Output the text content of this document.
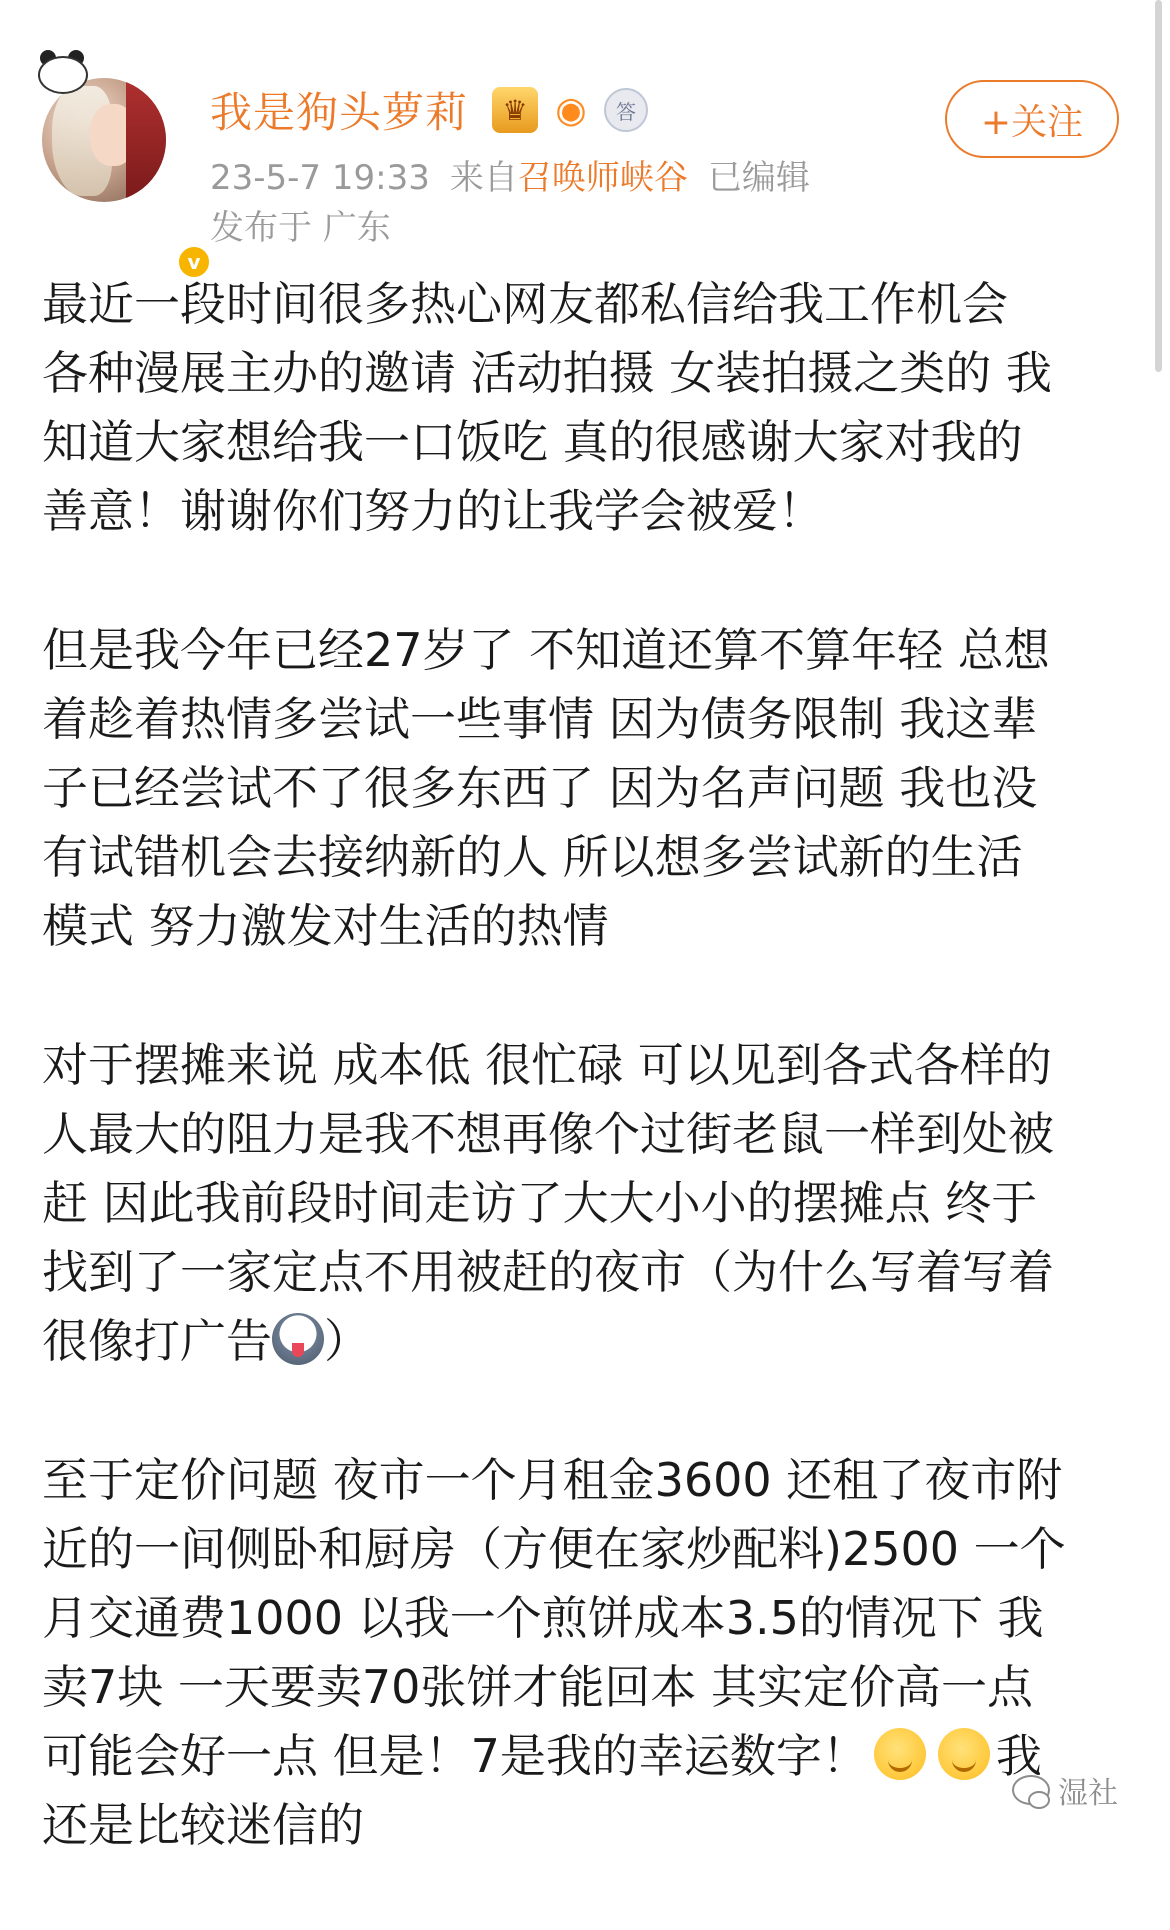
v
我是狗头萝莉	♛ ◉	答
23-5-7 19:33 来自召唤师峡谷 已编辑
发布于 广东
+关注

最近一段时间很多热心网友都私信给我工作机会
各种漫展主办的邀请 活动拍摄 女装拍摄之类的 我
知道大家想给我一口饭吃 真的很感谢大家对我的
善意！谢谢你们努力的让我学会被爱！

但是我今年已经27岁了 不知道还算不算年轻 总想
着趁着热情多尝试一些事情 因为债务限制 我这辈
子已经尝试不了很多东西了 因为名声问题 我也没
有试错机会去接纳新的人 所以想多尝试新的生活
模式 努力激发对生活的热情

对于摆摊来说 成本低 很忙碌 可以见到各式各样的
人最大的阻力是我不想再像个过街老鼠一样到处被
赶 因此我前段时间走访了大大小小的摆摊点 终于
找到了一家定点不用被赶的夜市（为什么写着写着
很像打广告 ）

至于定价问题 夜市一个月租金3600 还租了夜市附
近的一间侧卧和厨房（方便在家炒配料)2500 一个
月交通费1000 以我一个煎饼成本3.5的情况下 我
卖7块 一天要卖70张饼才能回本 其实定价高一点
可能会好一点 但是！7是我的幸运数字！	我
还是比较迷信的

湿社
